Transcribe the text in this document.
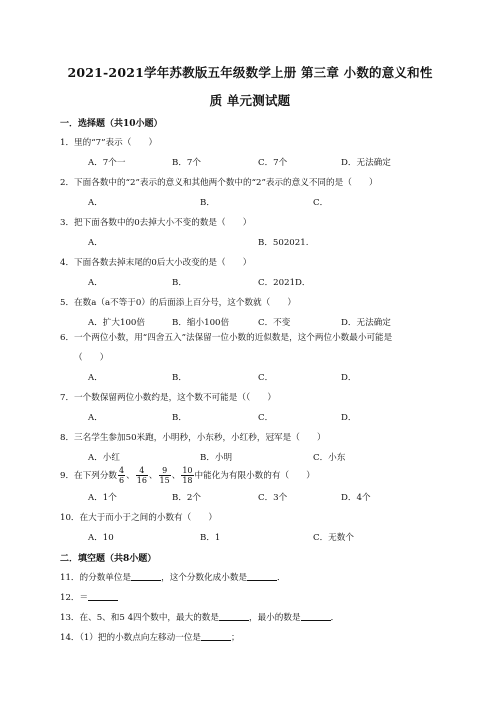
2021-2021学年苏教版五年级数学上册 第三章 小数的意义和性
质 单元测试题
一．选择题（共10小题）
1．里的“7”表示（　　）
A．7个一	B．7个	C．7个	D．无法确定
2．下面各数中的“2”表示的意义和其他两个数中的“2”表示的意义不同的是（　　）
A．	B．	C．
3．把下面各数中的0去掉大小不变的数是（　　）
A．	B．502021.
4．下面各数去掉末尾的0后大小改变的是（　　）
A．	B．	C．2021D．
5．在数a（a不等于0）的后面添上百分号，这个数就（　　）
A．扩大100倍	B．缩小100倍	C．不变	D．无法确定
6．一个两位小数，用“四舍五入”法保留一位小数的近似数是，这个两位小数最小可能是
（　　）
A．	B．	C．	D．
7．一个数保留两位小数约是，这个数不可能是（（　　）
A．	B．	C．	D．
8．三名学生参加50米跑，小明秒，小东秒，小红秒，冠军是（　　）
A．小红	B．小明	C．小东
9．在下列分数 $\frac{4}{6}$ 、 $\frac{4}{16}$ 、 $\frac{9}{15}$ 、 $\frac{10}{18}$ 中能化为有限小数的有（　　）
A．1个	B．2个	C．3个	D．4个
10．在大于而小于之间的小数有（　　）
A．10	B．1	C．无数个
二．填空题（共8小题）
11．的分数单位是	，这个分数化成小数是	．
12．＝
13．在、5、和5 4四个数中，最大的数是	，最小的数是	．
14．（1）把的小数点向左移动一位是	；
